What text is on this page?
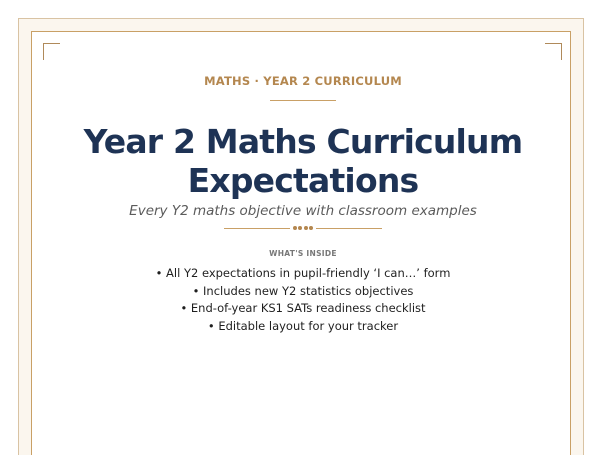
MATHS · YEAR 2 CURRICULUM
Year 2 Maths Curriculum Expectations
Every Y2 maths objective with classroom examples
WHAT'S INSIDE
• All Y2 expectations in pupil-friendly ‘I can…’ form
• Includes new Y2 statistics objectives
• End-of-year KS1 SATs readiness checklist
• Editable layout for your tracker
